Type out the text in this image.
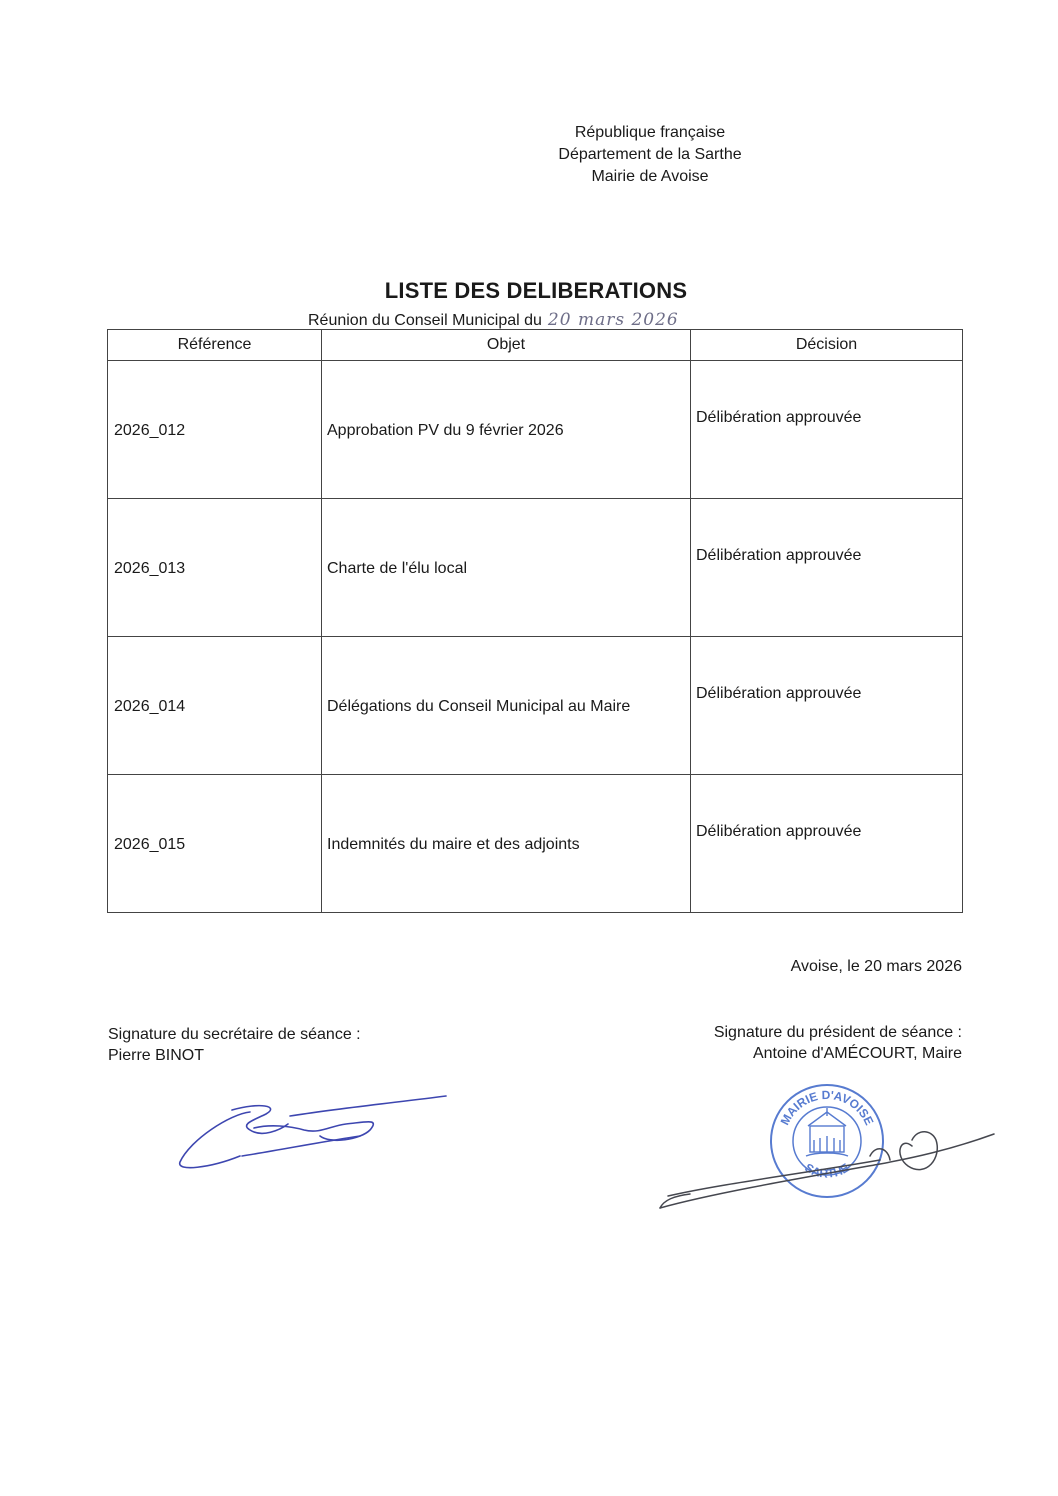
République française
Département de la Sarthe
Mairie de Avoise
LISTE DES DELIBERATIONS
Réunion du Conseil Municipal du 20 mars 2026
Référence	Objet	Décision

2026_012	Approbation PV du 9 février 2026	Délibération approuvée

2026_013	Charte de l'élu local	Délibération approuvée

2026_014	Délégations du Conseil Municipal au Maire	Délibération approuvée

2026_015	Indemnités du maire et des adjoints	Délibération approuvée
Avoise, le 20 mars 2026
Signature du secrétaire de séance :
Pierre BINOT
Signature du président de séance :
Antoine d'AMÉCOURT, Maire
MAIRIE D'AVOISE
SARTHE
